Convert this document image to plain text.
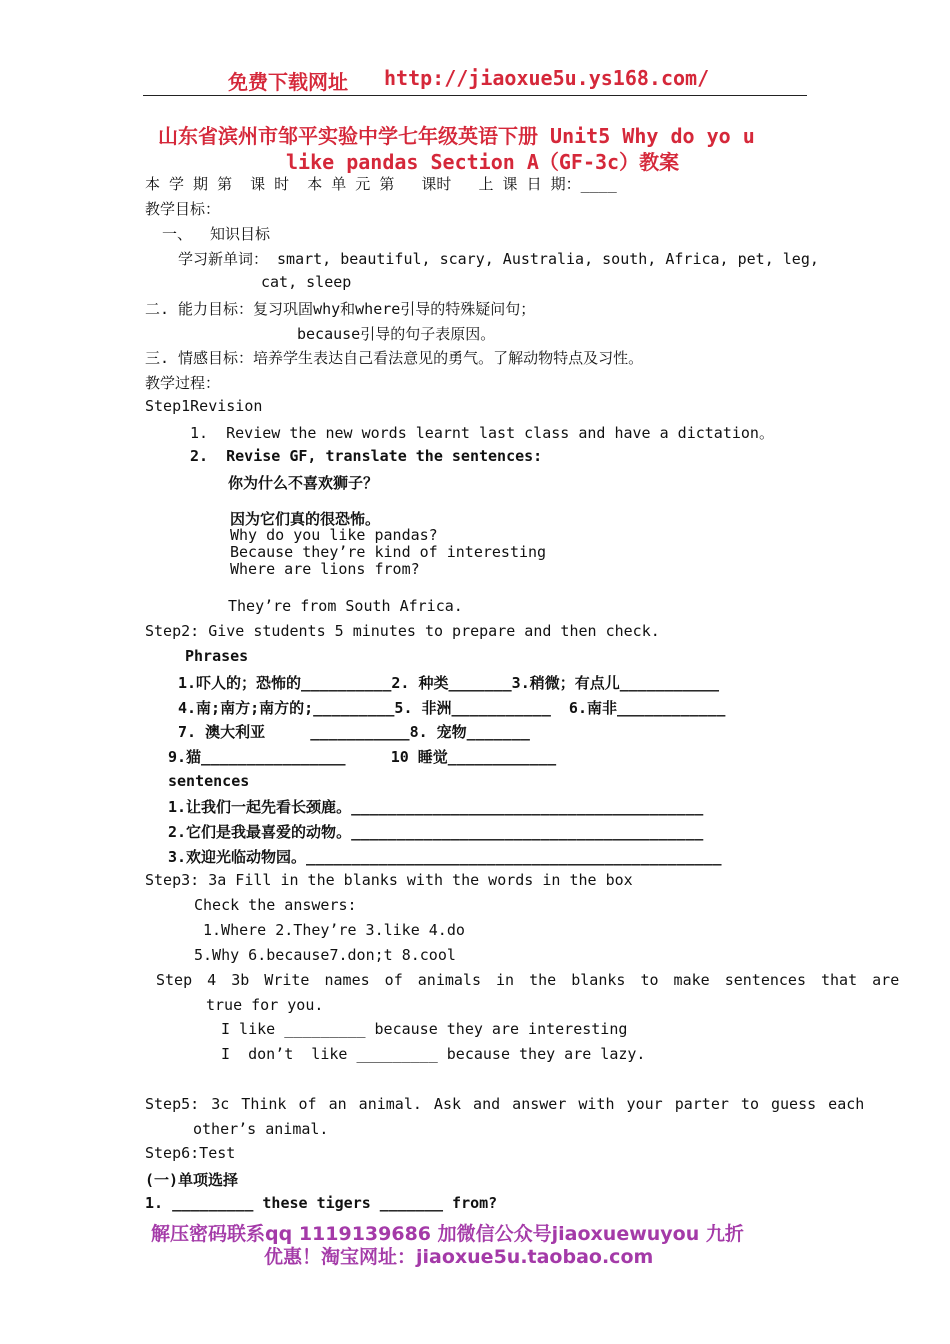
免费下载网址 http://jiaoxue5u.ys168.com/
山东省滨州市邹平实验中学七年级英语下册 Unit5 Why do yo u
like pandas Section A（GF-3c）教案
本 学 期 第  课 时  本 单 元 第   课时   上 课 日 期：____
教学目标：
一、  知识目标
学习新单词： smart, beautiful, scary, Australia, south, Africa, pet, leg,
cat, sleep
二. 能力目标：复习巩固why和where引导的特殊疑问句；
because引导的句子表原因。
三. 情感目标：培养学生表达自己看法意见的勇气。了解动物特点及习性。
教学过程：
Step1Revision
1.  Review the new words learnt last class and have a dictation。
2.  Revise GF, translate the sentences:
你为什么不喜欢狮子？
因为它们真的很恐怖。
Why do you like pandas?
Because they’re kind of interesting
Where are lions from?
They’re from South Africa.
Step2: Give students 5 minutes to prepare and then check.
Phrases
1.吓人的；恐怖的__________2. 种类_______3.稍微；有点儿___________
4.南;南方;南方的;_________5. 非洲___________  6.南非____________
7. 澳大利亚     ___________8. 宠物_______
9.猫________________     10 睡觉____________
sentences
1.让我们一起先看长颈鹿。_______________________________________
2.它们是我最喜爱的动物。_______________________________________
3.欢迎光临动物园。______________________________________________
Step3: 3a Fill in the blanks with the words in the box
Check the answers:
1.Where 2.They’re 3.like 4.do
5.Why 6.because7.don;t 8.cool
Step 4 3b Write names of animals in the blanks to make sentences that are
true for you.
I like _________ because they are interesting
I  don’t  like _________ because they are lazy.
Step5: 3c Think of an animal. Ask and answer with your parter to guess each
other’s animal.
Step6:Test
(一)单项选择
1. _________ these tigers _______ from?
解压密码联系qq 1119139686 加微信公众号jiaoxuewuyou 九折
优惠！淘宝网址：jiaoxue5u.taobao.com
